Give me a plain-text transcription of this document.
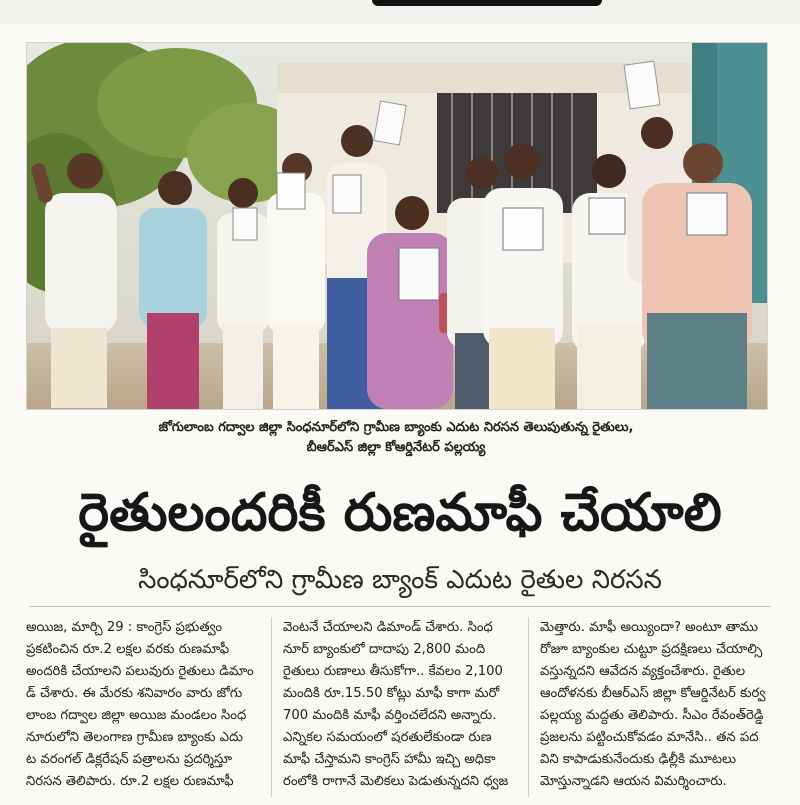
జోగులాంబ గద్వాల జిల్లా సింధనూర్‌లోని గ్రామీణ బ్యాంకు ఎదుట నిరసన తెలుపుతున్న రైతులు,
బీఆర్ఎస్ జిల్లా కోఆర్డినేటర్ పల్లయ్య
రైతులందరికీ రుణమాఫీ చేయాలి
సింధనూర్‌లోని గ్రామీణ బ్యాంక్ ఎదుట రైతుల నిరసన

అయిజ, మార్చి 29 : కాంగ్రెస్ ప్రభుత్వం

ప్రకటించిన రూ.2 లక్షల వరకు రుణమాఫీ

అందరికి చేయాలని పలువురు రైతులు డిమాం

డ్ చేశారు. ఈ మేరకు శనివారం వారు జోగు

లాంబ గద్వాల జిల్లా అయిజ మండలం సింధ

నూరులోని తెలంగాణ గ్రామీణ బ్యాంకు ఎదు

ట వరంగల్ డిక్లరేషన్ పత్రాలను ప్రదర్శిస్తూ

నిరసన తెలిపారు. రూ.2 లక్షల రుణమాఫీ

వెంటనే చేయాలని డిమాండ్ చేశారు. సింధ

నూర్ బ్యాంకులో దాదాపు 2,800 మంది

రైతులు రుణాలు తీసుకోగా.. కేవలం 2,100

మందికి రూ.15.50 కోట్లు మాఫీ కాగా మరో

700 మందికి మాఫీ వర్తించలేదని అన్నారు.

ఎన్నికల సమయంలో షరతులేకుండా రుణ

మాఫీ చేస్తామని కాంగ్రెస్ హామీ ఇచ్చి అధికా

రంలోకి రాగానే మెలికలు పెడుతున్నదని ధ్వజ

మెత్తారు. మాఫీ అయ్యిందా? అంటూ తాము

రోజూ బ్యాంకుల చుట్టూ ప్రదక్షిణలు చేయాల్సి

వస్తున్నదని ఆవేదన వ్యక్తంచేశారు. రైతుల

ఆందోళనకు బీఆర్ఎస్ జిల్లా కోఆర్డినేటర్ కుర్వ

పల్లయ్య మద్దతు తెలిపారు. సీఎం రేవంత్‌రెడ్డి

ప్రజలను పట్టించుకోవడం మానేసి.. తన పద

విని కాపాడుకునేందుకు ఢిల్లీకి మూటలు

మోస్తున్నాడని ఆయన విమర్శించారు.
